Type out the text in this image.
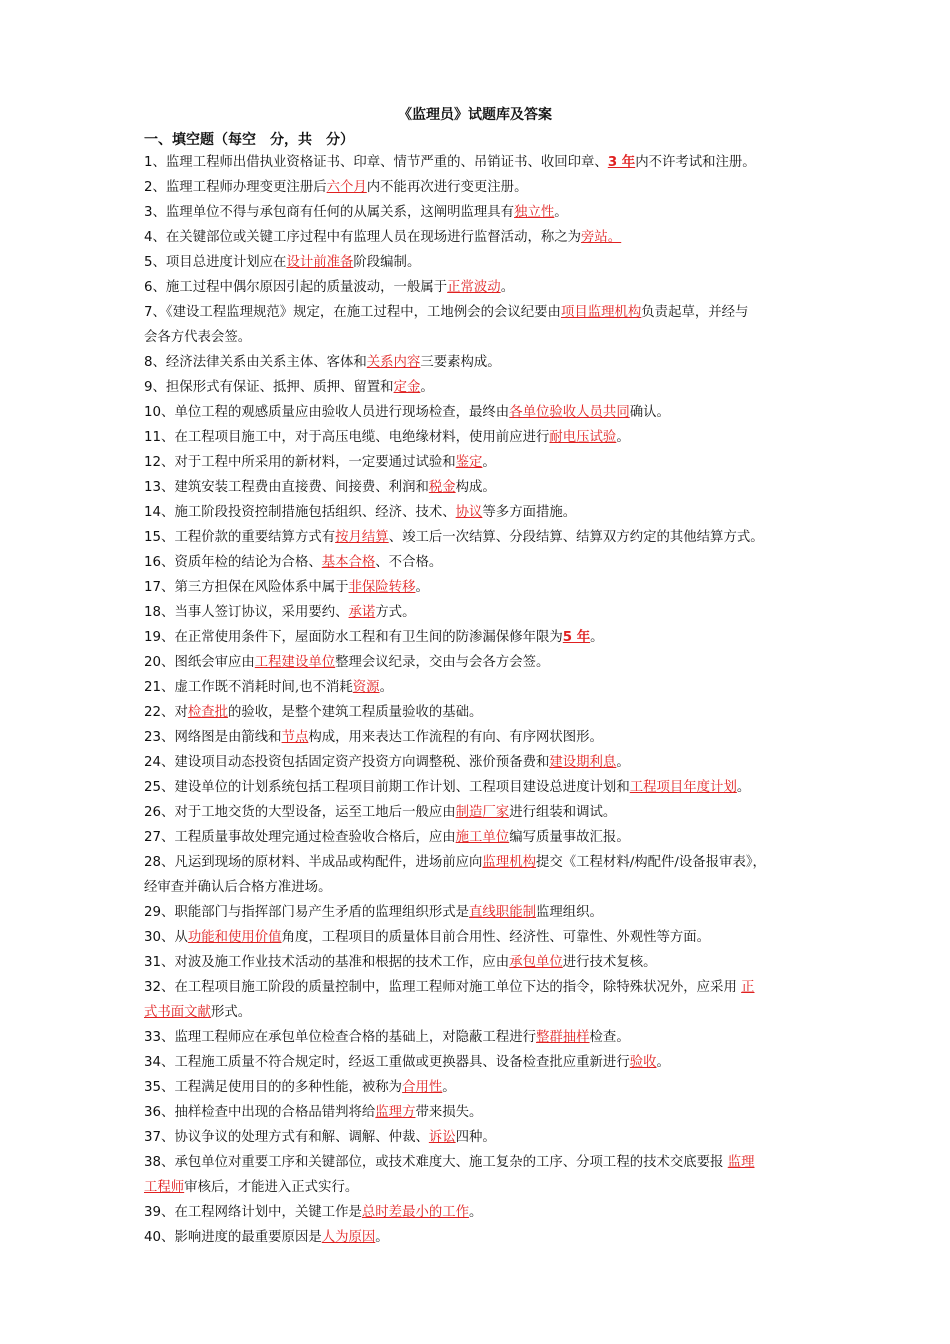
《监理员》试题库及答案
一、填空题（每空　分，共　分）
1、监理工程师出借执业资格证书、印章、情节严重的、吊销证书、收回印章、3 年内不许考试和注册。
2、监理工程师办理变更注册后六个月内不能再次进行变更注册。
3、监理单位不得与承包商有任何的从属关系，这阐明监理具有独立性。
4、在关键部位或关键工序过程中有监理人员在现场进行监督活动，称之为旁站。
5、项目总进度计划应在设计前准备阶段编制。
6、施工过程中偶尔原因引起的质量波动，一般属于正常波动。
7、《建设工程监理规范》规定，在施工过程中，工地例会的会议纪要由项目监理机构负责起草，并经与
会各方代表会签。
8、经济法律关系由关系主体、客体和关系内容三要素构成。
9、担保形式有保证、抵押、质押、留置和定金。
10、单位工程的观感质量应由验收人员进行现场检查，最终由各单位验收人员共同确认。
11、在工程项目施工中，对于高压电缆、电绝缘材料，使用前应进行耐电压试验。
12、对于工程中所采用的新材料，一定要通过试验和鉴定。
13、建筑安装工程费由直接费、间接费、利润和税金构成。
14、施工阶段投资控制措施包括组织、经济、技术、协议等多方面措施。
15、工程价款的重要结算方式有按月结算、竣工后一次结算、分段结算、结算双方约定的其他结算方式。
16、资质年检的结论为合格、基本合格、不合格。
17、第三方担保在风险体系中属于非保险转移。
18、当事人签订协议，采用要约、承诺方式。
19、在正常使用条件下，屋面防水工程和有卫生间的防渗漏保修年限为5 年。
20、图纸会审应由工程建设单位整理会议纪录，交由与会各方会签。
21、虚工作既不消耗时间,也不消耗资源。
22、对检查批的验收，是整个建筑工程质量验收的基础。
23、网络图是由箭线和节点构成，用来表达工作流程的有向、有序网状图形。
24、建设项目动态投资包括固定资产投资方向调整税、涨价预备费和建设期利息。
25、建设单位的计划系统包括工程项目前期工作计划、工程项目建设总进度计划和工程项目年度计划。
26、对于工地交货的大型设备，运至工地后一般应由制造厂家进行组装和调试。
27、工程质量事故处理完通过检查验收合格后，应由施工单位编写质量事故汇报。
28、凡运到现场的原材料、半成品或构配件，进场前应向监理机构提交《工程材料/构配件/设备报审表》，
经审查并确认后合格方准进场。
29、职能部门与指挥部门易产生矛盾的监理组织形式是直线职能制监理组织。
30、从功能和使用价值角度，工程项目的质量体目前合用性、经济性、可靠性、外观性等方面。
31、对波及施工作业技术活动的基准和根据的技术工作，应由承包单位进行技术复核。
32、在工程项目施工阶段的质量控制中，监理工程师对施工单位下达的指令，除特殊状况外，应采用 正
式书面文献形式。
33、监理工程师应在承包单位检查合格的基础上，对隐蔽工程进行整群抽样检查。
34、工程施工质量不符合规定时，经返工重做或更换器具、设备检查批应重新进行验收。
35、工程满足使用目的的多种性能，被称为合用性。
36、抽样检查中出现的合格品错判将给监理方带来损失。
37、协议争议的处理方式有和解、调解、仲裁、诉讼四种。
38、承包单位对重要工序和关键部位，或技术难度大、施工复杂的工序、分项工程的技术交底要报 监理
工程师审核后，才能进入正式实行。
39、在工程网络计划中，关键工作是总时差最小的工作。
40、影响进度的最重要原因是人为原因。
